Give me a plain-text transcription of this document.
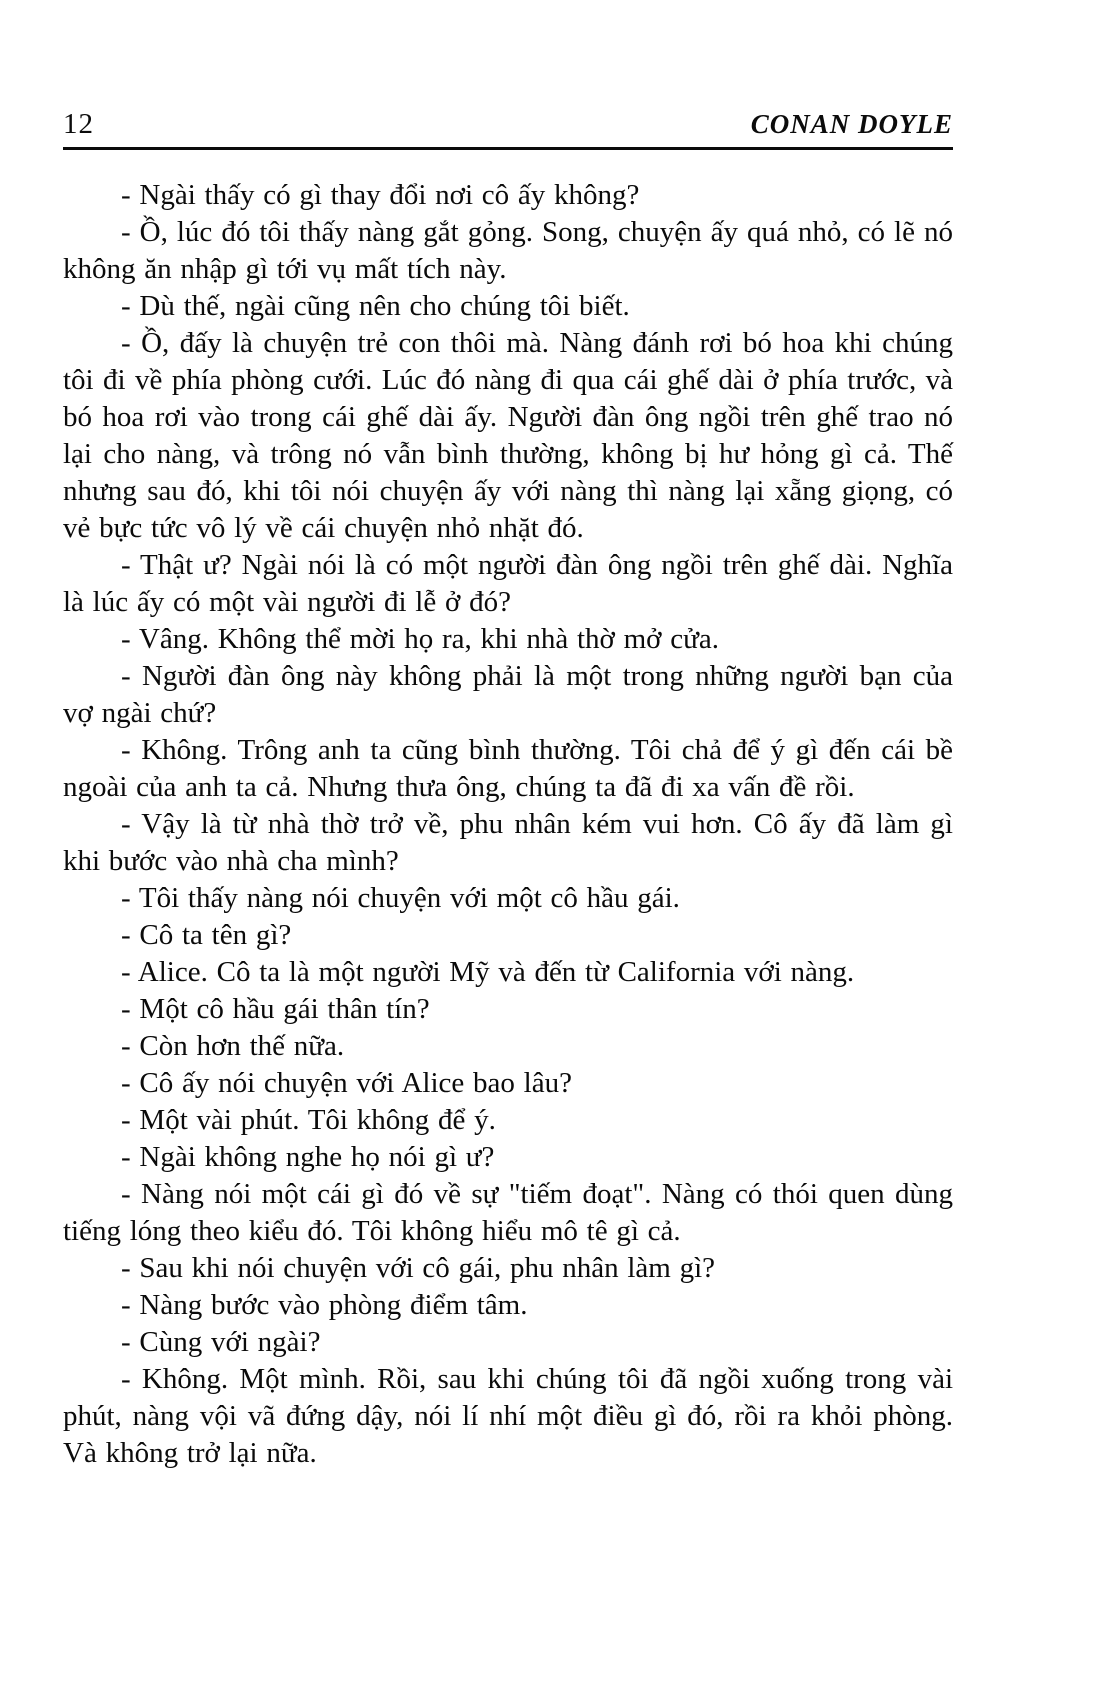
12	CONAN DOYLE

- Ngài thấy có gì thay đổi nơi cô ấy không?

- Ồ, lúc đó tôi thấy nàng gắt gỏng. Song, chuyện ấy quá nhỏ, có lẽ nó không ăn nhập gì tới vụ mất tích này.

- Dù thế, ngài cũng nên cho chúng tôi biết.

- Ồ, đấy là chuyện trẻ con thôi mà. Nàng đánh rơi bó hoa khi chúng tôi đi về phía phòng cưới. Lúc đó nàng đi qua cái ghế dài ở phía trước, và bó hoa rơi vào trong cái ghế dài ấy. Người đàn ông ngồi trên ghế trao nó lại cho nàng, và trông nó vẫn bình thường, không bị hư hỏng gì cả. Thế nhưng sau đó, khi tôi nói chuyện ấy với nàng thì nàng lại xẵng giọng, có vẻ bực tức vô lý về cái chuyện nhỏ nhặt đó.

- Thật ư? Ngài nói là có một người đàn ông ngồi trên ghế dài. Nghĩa là lúc ấy có một vài người đi lễ ở đó?

- Vâng. Không thể mời họ ra, khi nhà thờ mở cửa.

- Người đàn ông này không phải là một trong những người bạn của vợ ngài chứ?

- Không. Trông anh ta cũng bình thường. Tôi chả để ý gì đến cái bề ngoài của anh ta cả. Nhưng thưa ông, chúng ta đã đi xa vấn đề rồi.

- Vậy là từ nhà thờ trở về, phu nhân kém vui hơn. Cô ấy đã làm gì khi bước vào nhà cha mình?

- Tôi thấy nàng nói chuyện với một cô hầu gái.

- Cô ta tên gì?

- Alice. Cô ta là một người Mỹ và đến từ California với nàng.

- Một cô hầu gái thân tín?

- Còn hơn thế nữa.

- Cô ấy nói chuyện với Alice bao lâu?

- Một vài phút. Tôi không để ý.

- Ngài không nghe họ nói gì ư?

- Nàng nói một cái gì đó về sự "tiếm đoạt". Nàng có thói quen dùng tiếng lóng theo kiểu đó. Tôi không hiểu mô tê gì cả.

- Sau khi nói chuyện với cô gái, phu nhân làm gì?

- Nàng bước vào phòng điểm tâm.

- Cùng với ngài?

- Không. Một mình. Rồi, sau khi chúng tôi đã ngồi xuống trong vài phút, nàng vội vã đứng dậy, nói lí nhí một điều gì đó, rồi ra khỏi phòng. Và không trở lại nữa.
